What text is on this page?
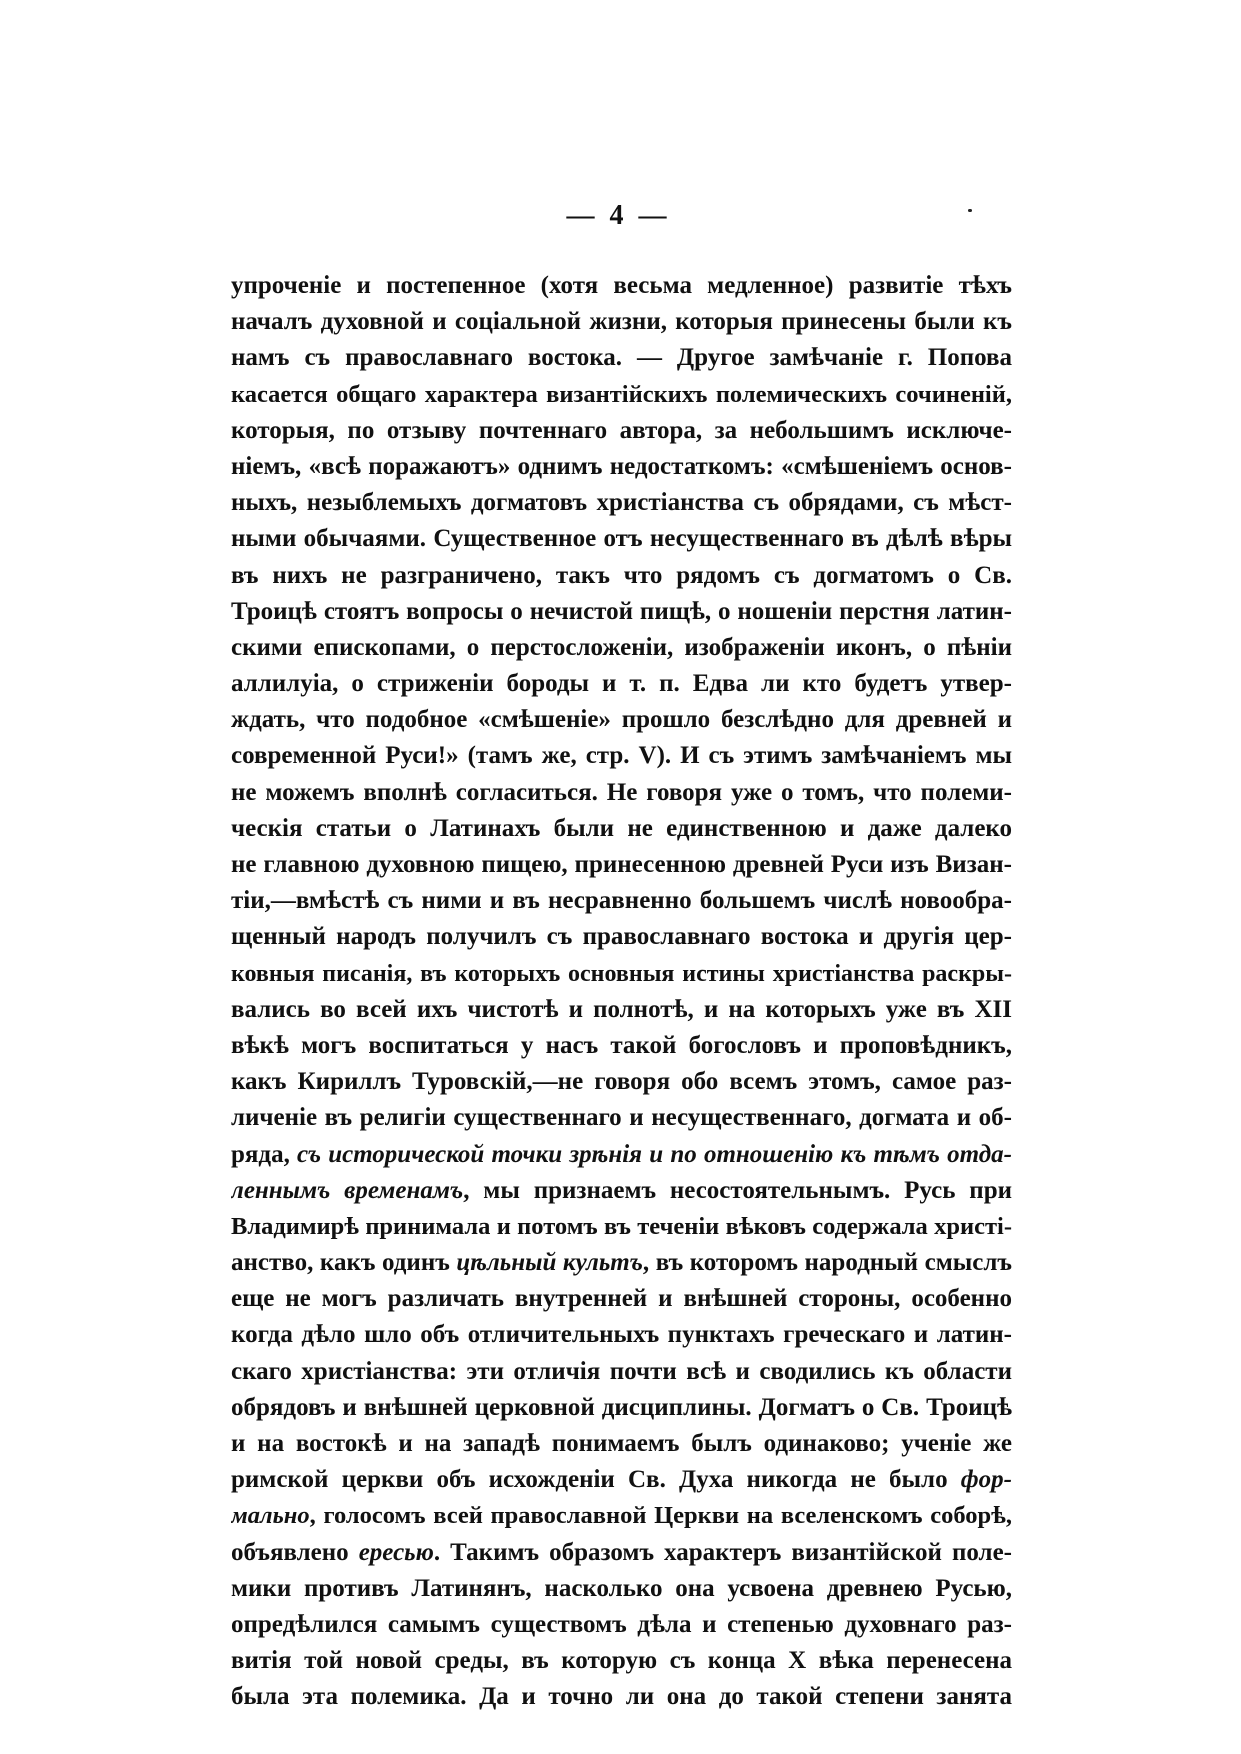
— 4 —
упроченіе и постепенное (хотя весьма медленное) развитіе тѣхъ
началъ духовной и соціальной жизни, которыя принесены были къ
намъ съ православнаго востока. — Другое замѣчаніе г. Попова
касается общаго характера византійскихъ полемическихъ сочиненій,
которыя, по отзыву почтеннаго автора, за небольшимъ исключе-
ніемъ, «всѣ поражаютъ» однимъ недостаткомъ: «смѣшеніемъ основ-
ныхъ, незыблемыхъ догматовъ христіанства съ обрядами, съ мѣст-
ными обычаями. Существенное отъ несущественнаго въ дѣлѣ вѣры
въ нихъ не разграничено, такъ что рядомъ съ догматомъ о Св.
Троицѣ стоятъ вопросы о нечистой пищѣ, о ношеніи перстня латин-
скими епископами, о перстосложеніи, изображеніи иконъ, о пѣніи
аллилуіа, о стриженіи бороды и т. п. Едва ли кто будетъ утвер-
ждать, что подобное «смѣшеніе» прошло безслѣдно для древней и
современной Руси!» (тамъ же, стр. V). И съ этимъ замѣчаніемъ мы
не можемъ вполнѣ согласиться. Не говоря уже о томъ, что полеми-
ческія статьи о Латинахъ были не единственною и даже далеко
не главною духовною пищею, принесенною древней Руси изъ Визан-
тіи,—вмѣстѣ съ ними и въ несравненно большемъ числѣ новообра-
щенный народъ получилъ съ православнаго востока и другія цер-
ковныя писанія, въ которыхъ основныя истины христіанства раскры-
вались во всей ихъ чистотѣ и полнотѣ, и на которыхъ уже въ XII
вѣкѣ могъ воспитаться у насъ такой богословъ и проповѣдникъ,
какъ Кириллъ Туровскій,—не говоря обо всемъ этомъ, самое раз-
личеніе въ религіи существеннаго и несущественнаго, догмата и об-
ряда, съ исторической точки зрѣнія и по отношенію къ тѣмъ отда-
леннымъ временамъ, мы признаемъ несостоятельнымъ. Русь при
Владимирѣ принимала и потомъ въ теченіи вѣковъ содержала христі-
анство, какъ одинъ цѣльный культъ, въ которомъ народный смыслъ
еще не могъ различать внутренней и внѣшней стороны, особенно
когда дѣло шло объ отличительныхъ пунктахъ греческаго и латин-
скаго христіанства: эти отличія почти всѣ и сводились къ области
обрядовъ и внѣшней церковной дисциплины. Догматъ о Св. Троицѣ
и на востокѣ и на западѣ понимаемъ былъ одинаково; ученіе же
римской церкви объ исхожденіи Св. Духа никогда не было фор-
мально, голосомъ всей православной Церкви на вселенскомъ соборѣ,
объявлено ересью. Такимъ образомъ характеръ византійской поле-
мики противъ Латинянъ, насколько она усвоена древнею Русью,
опредѣлился самымъ существомъ дѣла и степенью духовнаго раз-
витія той новой среды, въ которую съ конца X вѣка перенесена
была эта полемика. Да и точно ли она до такой степени занята
